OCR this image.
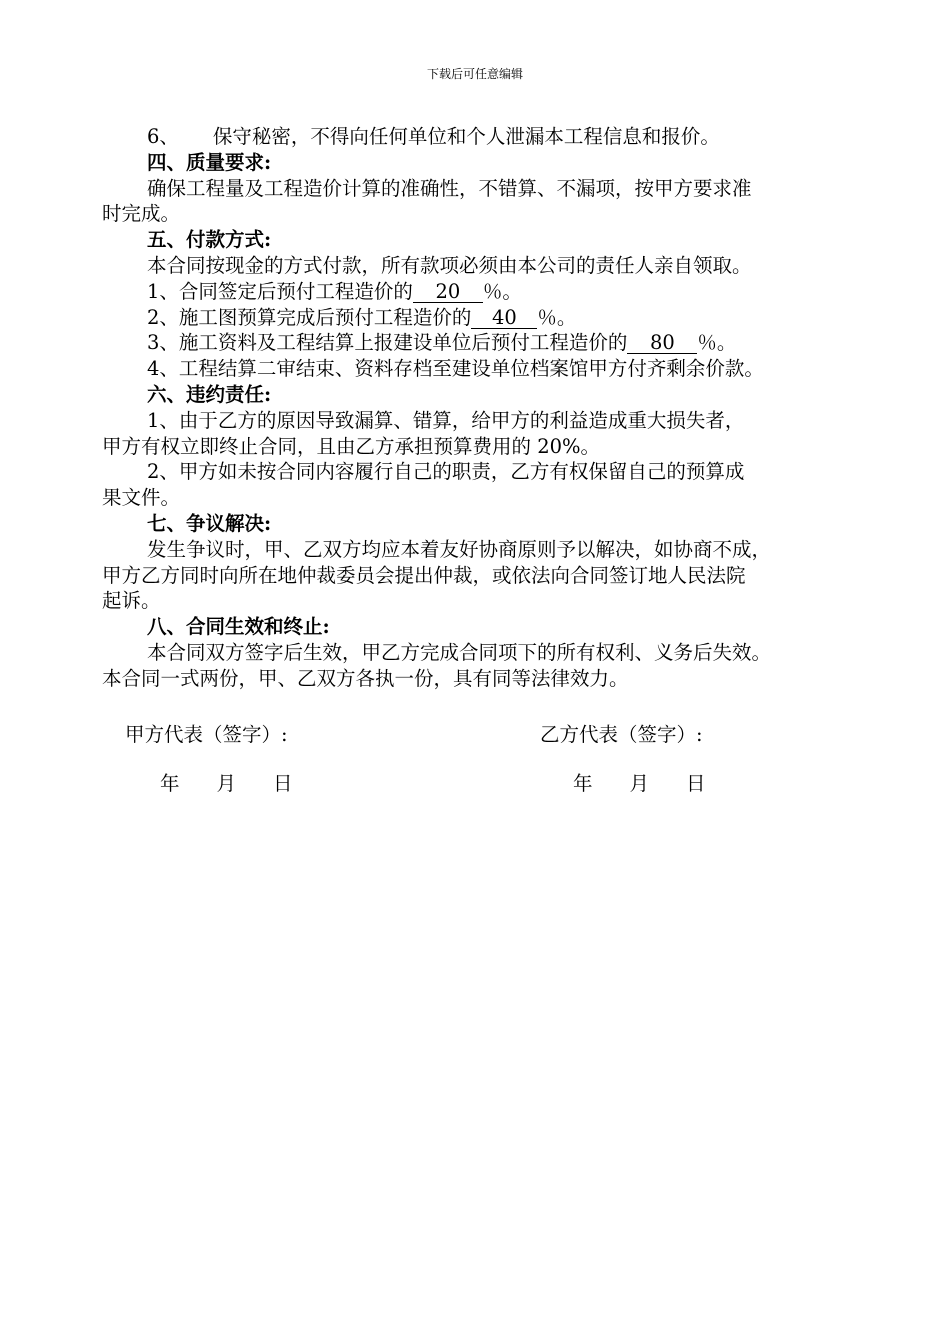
下载后可任意编辑
6、 保守秘密，不得向任何单位和个人泄漏本工程信息和报价。
四、质量要求:
确保工程量及工程造价计算的准确性，不错算、不漏项，按甲方要求准
时完成。
五、付款方式:
本合同按现金的方式付款，所有款项必须由本公司的责任人亲自领取。
1、合同签定后预付工程造价的 20 ％。
2、施工图预算完成后预付工程造价的 40 ％。
3、施工资料及工程结算上报建设单位后预付工程造价的 80 ％。
4、工程结算二审结束、资料存档至建设单位档案馆甲方付齐剩余价款。
六、违约责任:
1、由于乙方的原因导致漏算、错算，给甲方的利益造成重大损失者，
甲方有权立即终止合同，且由乙方承担预算费用的 20%。
2、甲方如未按合同内容履行自己的职责，乙方有权保留自己的预算成
果文件。
七、争议解决:
发生争议时，甲、乙双方均应本着友好协商原则予以解决，如协商不成，
甲方乙方同时向所在地仲裁委员会提出仲裁，或依法向合同签订地人民法院
起诉。
八、合同生效和终止:
本合同双方签字后生效，甲乙方完成合同项下的所有权利、义务后失效。
本合同一式两份，甲、乙双方各执一份，具有同等法律效力。
甲方代表（签字）:	乙方代表（签字）:
年 月 日	年 月 日
